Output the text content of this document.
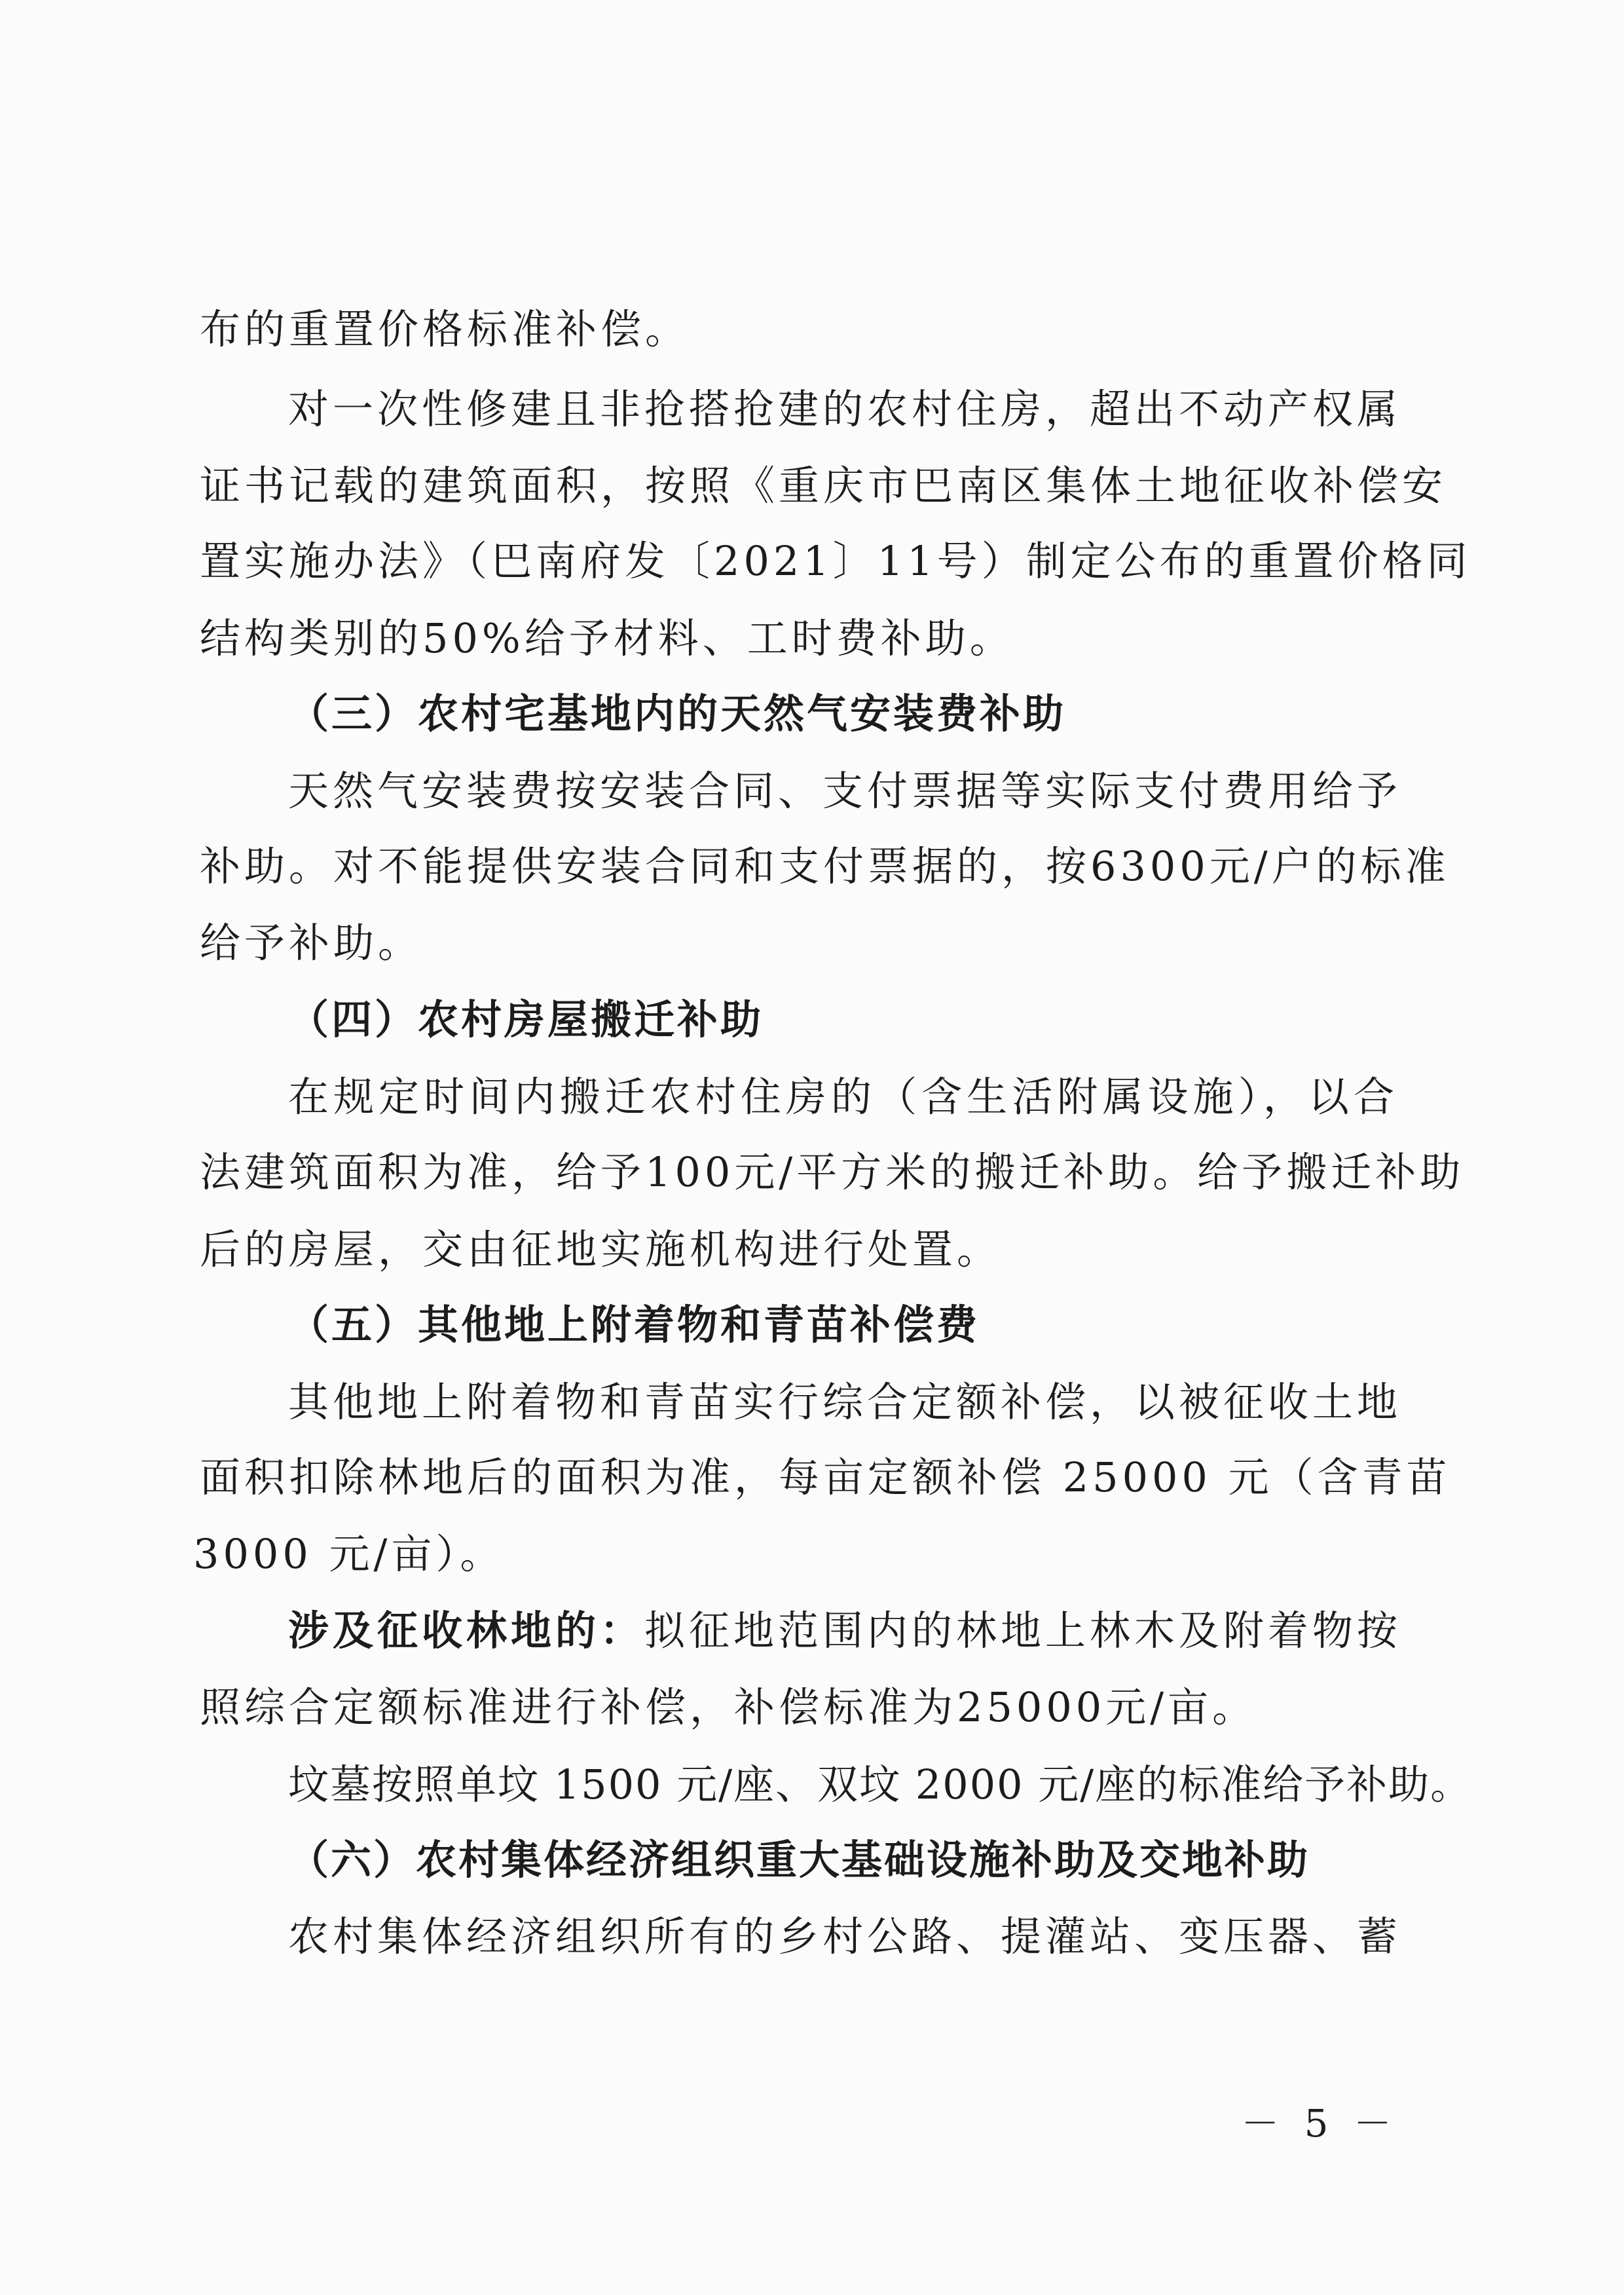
布的重置价格标准补偿。
对一次性修建且非抢搭抢建的农村住房，超出不动产权属
证书记载的建筑面积，按照《重庆市巴南区集体土地征收补偿安
置实施办法》（巴南府发〔2021〕11号）制定公布的重置价格同
结构类别的50%给予材料、工时费补助。
（三）农村宅基地内的天然气安装费补助
天然气安装费按安装合同、支付票据等实际支付费用给予
补助。对不能提供安装合同和支付票据的，按6300元/户的标准
给予补助。
（四）农村房屋搬迁补助
在规定时间内搬迁农村住房的（含生活附属设施），以合
法建筑面积为准，给予100元/平方米的搬迁补助。给予搬迁补助
后的房屋，交由征地实施机构进行处置。
（五）其他地上附着物和青苗补偿费
其他地上附着物和青苗实行综合定额补偿，以被征收土地
面积扣除林地后的面积为准，每亩定额补偿 25000 元（含青苗
3000 元/亩）。
涉及征收林地的： 拟征地范围内的林地上林木及附着物按
照综合定额标准进行补偿，补偿标准为25000元/亩。
坟墓按照单坟 1500 元/座、双坟 2000 元/座的标准给予补助。
（六）农村集体经济组织重大基础设施补助及交地补助
农村集体经济组织所有的乡村公路、提灌站、变压器、蓄
－ 5 －
